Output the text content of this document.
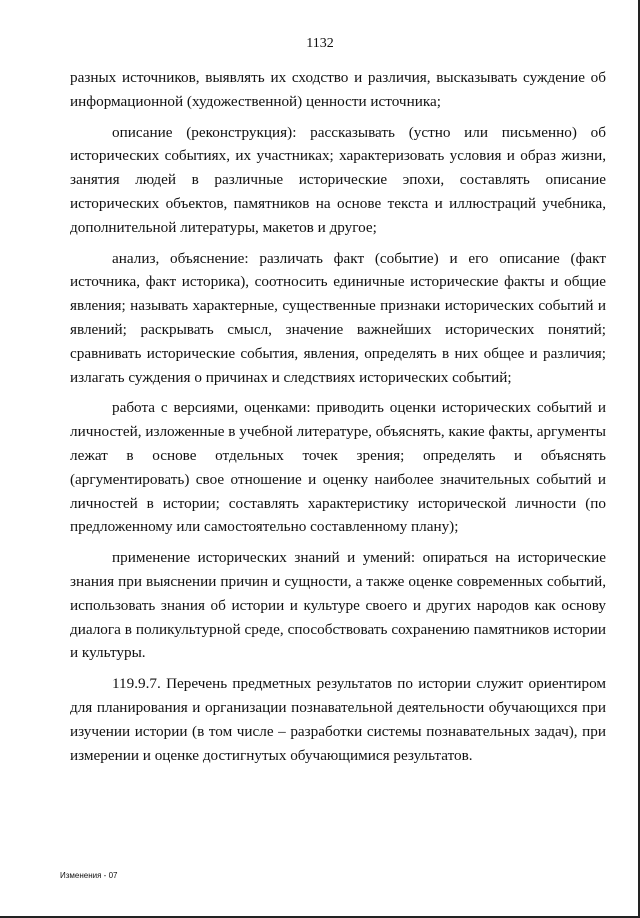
1132

разных источников, выявлять их сходство и различия, высказывать суждение об информационной (художественной) ценности источника;

описание (реконструкция): рассказывать (устно или письменно) об исторических событиях, их участниках; характеризовать условия и образ жизни, занятия людей в различные исторические эпохи, составлять описание исторических объектов, памятников на основе текста и иллюстраций учебника, дополнительной литературы, макетов и другое;

анализ, объяснение: различать факт (событие) и его описание (факт источника, факт историка), соотносить единичные исторические факты и общие явления; называть характерные, существенные признаки исторических событий и явлений; раскрывать смысл, значение важнейших исторических понятий; сравнивать исторические события, явления, определять в них общее и различия; излагать суждения о причинах и следствиях исторических событий;

работа с версиями, оценками: приводить оценки исторических событий и личностей, изложенные в учебной литературе, объяснять, какие факты, аргументы лежат в основе отдельных точек зрения; определять и объяснять (аргументировать) свое отношение и оценку наиболее значительных событий и личностей в истории; составлять характеристику исторической личности (по предложенному или самостоятельно составленному плану);

применение исторических знаний и умений: опираться на исторические знания при выяснении причин и сущности, а также оценке современных событий, использовать знания об истории и культуре своего и других народов как основу диалога в поликультурной среде, способствовать сохранению памятников истории и культуры.

119.9.7. Перечень предметных результатов по истории служит ориентиром для планирования и организации познавательной деятельности обучающихся при изучении истории (в том числе – разработки системы познавательных задач), при измерении и оценке достигнутых обучающимися результатов.

Изменения - 07
